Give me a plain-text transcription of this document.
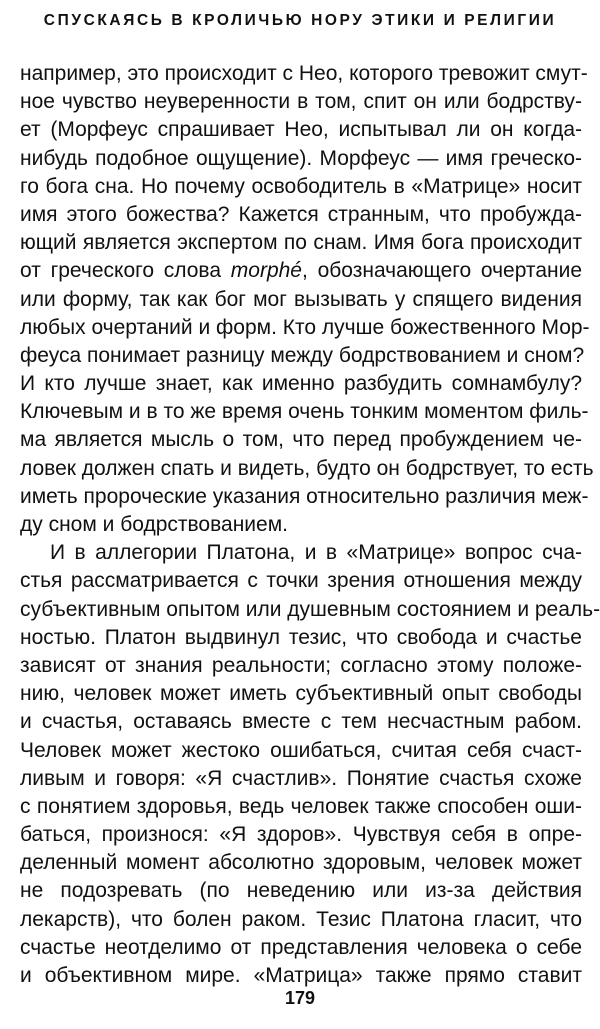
СПУСКАЯСЬ В КРОЛИЧЬЮ НОРУ ЭТИКИ И РЕЛИГИИ
например, это происходит с Нео, которого тревожит смут-
ное чувство неуверенности в том, спит он или бодрству-
ет (Морфеус спрашивает Нео, испытывал ли он когда-
нибудь подобное ощущение). Морфеус — имя греческо-
го бога сна. Но почему освободитель в «Матрице» носит
имя этого божества? Кажется странным, что пробужда-
ющий является экспертом по снам. Имя бога происходит
от греческого слова morphé, обозначающего очертание
или форму, так как бог мог вызывать у спящего видения
любых очертаний и форм. Кто лучше божественного Мор-
феуса понимает разницу между бодрствованием и сном?
И кто лучше знает, как именно разбудить сомнамбулу?
Ключевым и в то же время очень тонким моментом филь-
ма является мысль о том, что перед пробуждением че-
ловек должен спать и видеть, будто он бодрствует, то есть
иметь пророческие указания относительно различия меж-
ду сном и бодрствованием.
И в аллегории Платона, и в «Матрице» вопрос сча-
стья рассматривается с точки зрения отношения между
субъективным опытом или душевным состоянием и реаль-
ностью. Платон выдвинул тезис, что свобода и счастье
зависят от знания реальности; согласно этому положе-
нию, человек может иметь субъективный опыт свободы
и счастья, оставаясь вместе с тем несчастным рабом.
Человек может жестоко ошибаться, считая себя счаст-
ливым и говоря: «Я счастлив». Понятие счастья схоже
с понятием здоровья, ведь человек также способен оши-
баться, произнося: «Я здоров». Чувствуя себя в опре-
деленный момент абсолютно здоровым, человек может
не подозревать (по неведению или из-за действия
лекарств), что болен раком. Тезис Платона гласит, что
счастье неотделимо от представления человека о себе
и объективном мире. «Матрица» также прямо ставит
179
